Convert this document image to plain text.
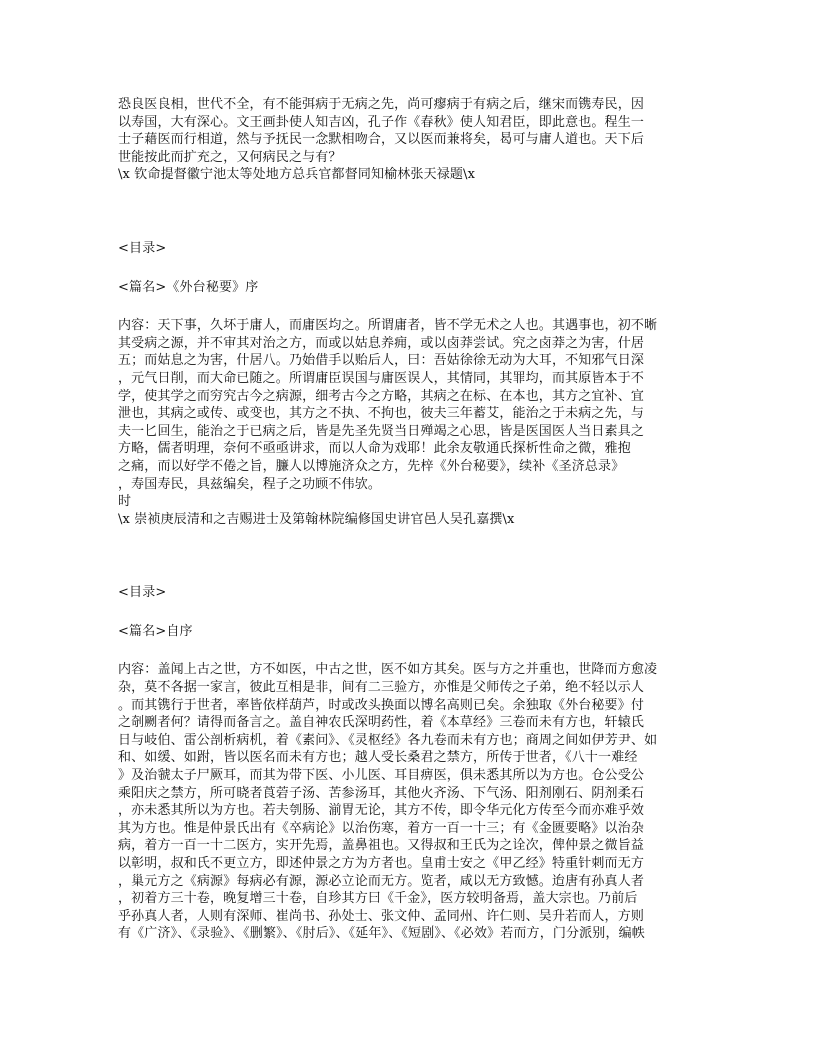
恐良医良相，世代不全，有不能弭病于无病之先，尚可瘳病于有病之后，继宋而镌寿民，因
以寿国，大有深心。文王画卦使人知吉凶，孔子作《春秋》使人知君臣，即此意也。程生一
士子藉医而行相道，然与予抚民一念默相吻合，又以医而兼将矣，曷可与庸人道也。天下后
世能按此而扩充之，又何病民之与有？
\x 钦命提督徽宁池太等处地方总兵官都督同知榆林张天禄题\x
<目录>
<篇名>《外台秘要》序
内容：天下事，久坏于庸人，而庸医均之。所谓庸者，皆不学无术之人也。其遇事也，初不晰
其受病之源，并不审其对治之方，而或以姑息养痈，或以卤莽尝试。究之卤莽之为害，什居
五；而姑息之为害，什居八。乃始借手以贻后人，曰：吾姑徐徐无动为大耳，不知邪气日深
，元气日削，而大命已随之。所谓庸臣误国与庸医误人，其情同，其罪均，而其原皆本于不
学，使其学之而穷究古今之病源，细考古今之方略，其病之在标、在本也，其方之宜补、宜
泄也，其病之或传、或变也，其方之不执、不拘也，彼夫三年蓄艾，能治之于未病之先，与
夫一匕回生，能治之于已病之后，皆是先圣先贤当日殚竭之心思，皆是医国医人当日素具之
方略，儒者明理，奈何不亟亟讲求，而以人命为戏耶！此余友敬通氏探析性命之微，雅抱
之痛，而以好学不倦之旨，臁人以博施济众之方，先梓《外台秘要》，续补《圣济总录》
，寿国寿民，具兹编矣，程子之功顾不伟欤。
时
\x 崇祯庚辰清和之吉赐进士及第翰林院编修国史讲官邑人吴孔嘉撰\x
<目录>
<篇名>自序
内容：盖闻上古之世，方不如医，中古之世，医不如方其矣。医与方之并重也，世降而方愈凌
杂，莫不各据一家言，彼此互相是非，间有二三验方，亦惟是父师传之子弟，绝不轻以示人
。而其镌行于世者，率皆依样葫芦，时或改头换面以博名高则已矣。余独取《外台秘要》付
之剞劂者何？请得而备言之。盖自神农氏深明药性，着《本草经》三卷而未有方也，轩辕氏
日与岐伯、雷公剖析病机，着《素问》、《灵枢经》各九卷而未有方也；商周之间如伊芳尹、如
和、如缓、如跗，皆以医名而未有方也；越人受长桑君之禁方，所传于世者，《八十一难经
》及治虢太子尸厥耳，而其为带下医、小儿医、耳目痹医，俱未悉其所以为方也。仓公受公
乘阳庆之禁方，所可晓者莨菪子汤、苦参汤耳，其他火齐汤、下气汤、阳剂刚石、阴剂柔石
，亦未悉其所以为方也。若夫刳肠、湔胃无论，其方不传，即令华元化方传至今而亦难乎效
其为方也。惟是仲景氏出有《卒病论》以治伤寒，着方一百一十三；有《金匮要略》以治杂
病，着方一百一十二医方，实开先焉，盖鼻祖也。又得叔和王氏为之诠次，俾仲景之微旨益
以彰明，叔和氏不更立方，即述仲景之方为方者也。皇甫士安之《甲乙经》特重针刺而无方
，巢元方之《病源》每病必有源，源必立论而无方。览者，咸以无方致憾。迨唐有孙真人者
，初着方三十卷，晚复增三十卷，自珍其方曰《千金》，医方较明备焉，盖大宗也。乃前后
乎孙真人者，人则有深师、崔尚书、孙处士、张文仲、孟同州、许仁则、吴升若而人，方则
有《广济》、《录验》、《删繁》、《肘后》、《延年》、《短剧》、《必效》若而方，门分派别，编帙
